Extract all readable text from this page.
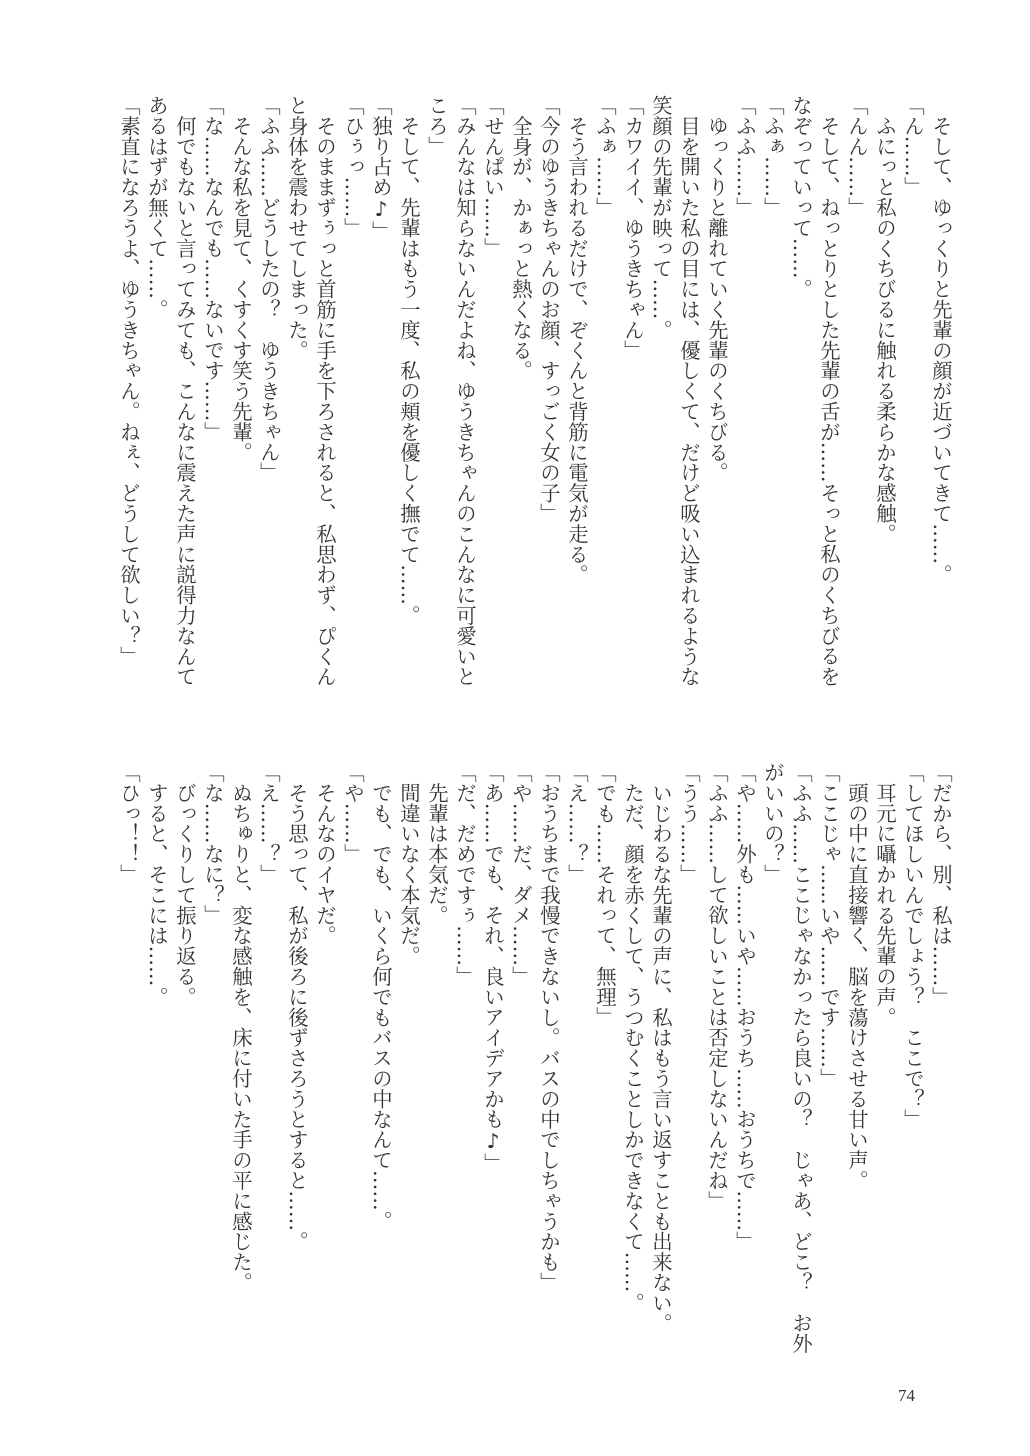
　そして、ゆっくりと先輩の顔が近づいてきて……。
「ん……」
　ふにっと私のくちびるに触れる柔らかな感触。
「んん……」
　そして、ねっとりとした先輩の舌が……そっと私のくちびるを
なぞっていって……。
「ふぁ……」
「ふふ……」
　ゆっくりと離れていく先輩のくちびる。
　目を開いた私の目には、優しくて、だけど吸い込まれるような
笑顔の先輩が映って……。
「カワイイ、ゆうきちゃん」
「ふぁ……」
　そう言われるだけで、ぞくんと背筋に電気が走る。
「今のゆうきちゃんのお顔、すっごく女の子」
　全身が、かぁっと熱くなる。
「せんぱい……」
「みんなは知らないんだよね、ゆうきちゃんのこんなに可愛いと
ころ」
　そして、先輩はもう一度、私の頬を優しく撫でて……。
「独り占め♪」
「ひぅっ……」
　そのままずぅっと首筋に手を下ろされると、私思わず、ぴくん
と身体を震わせてしまった。
「ふふ……どうしたの？　ゆうきちゃん」
　そんな私を見て、くすくす笑う先輩。
「な……なんでも……ないです……」
　何でもないと言ってみても、こんなに震えた声に説得力なんて
あるはずが無くて……。
「素直になろうよ、ゆうきちゃん。ねぇ、どうして欲しい？」
「だから、別、私は……」
「してほしいんでしょう？　ここで？」
　耳元に囁かれる先輩の声。
　頭の中に直接響く、脳を蕩けさせる甘い声。
「ここじゃ……いや……です……」
「ふふ……ここじゃなかったら良いの？　じゃあ、どこ？　お外
がいいの？」
「や……外も……いや……おうち……おうちで……」
「ふふ……して欲しいことは否定しないんだね」
「うう……」
　いじわるな先輩の声に、私はもう言い返すことも出来ない。
　ただ、顔を赤くして、うつむくことしかできなくて……。
「でも……それって、無理」
「え……？」
「おうちまで我慢できないし。バスの中でしちゃうかも」
「や……だ、ダメ……」
「あ……でも、それ、良いアイデアかも♪」
「だ、だめですぅ……」
　先輩は本気だ。
　間違いなく本気だ。
　でも、でも、いくら何でもバスの中なんて……。
「や……」
　そんなのイヤだ。
　そう思って、私が後ろに後ずさろうとすると……。
「え……？」
　ぬちゅりと、変な感触を、床に付いた手の平に感じた。
「な……なに？」
　びっくりして振り返る。
　すると、そこには……。
「ひっ！！」
74
